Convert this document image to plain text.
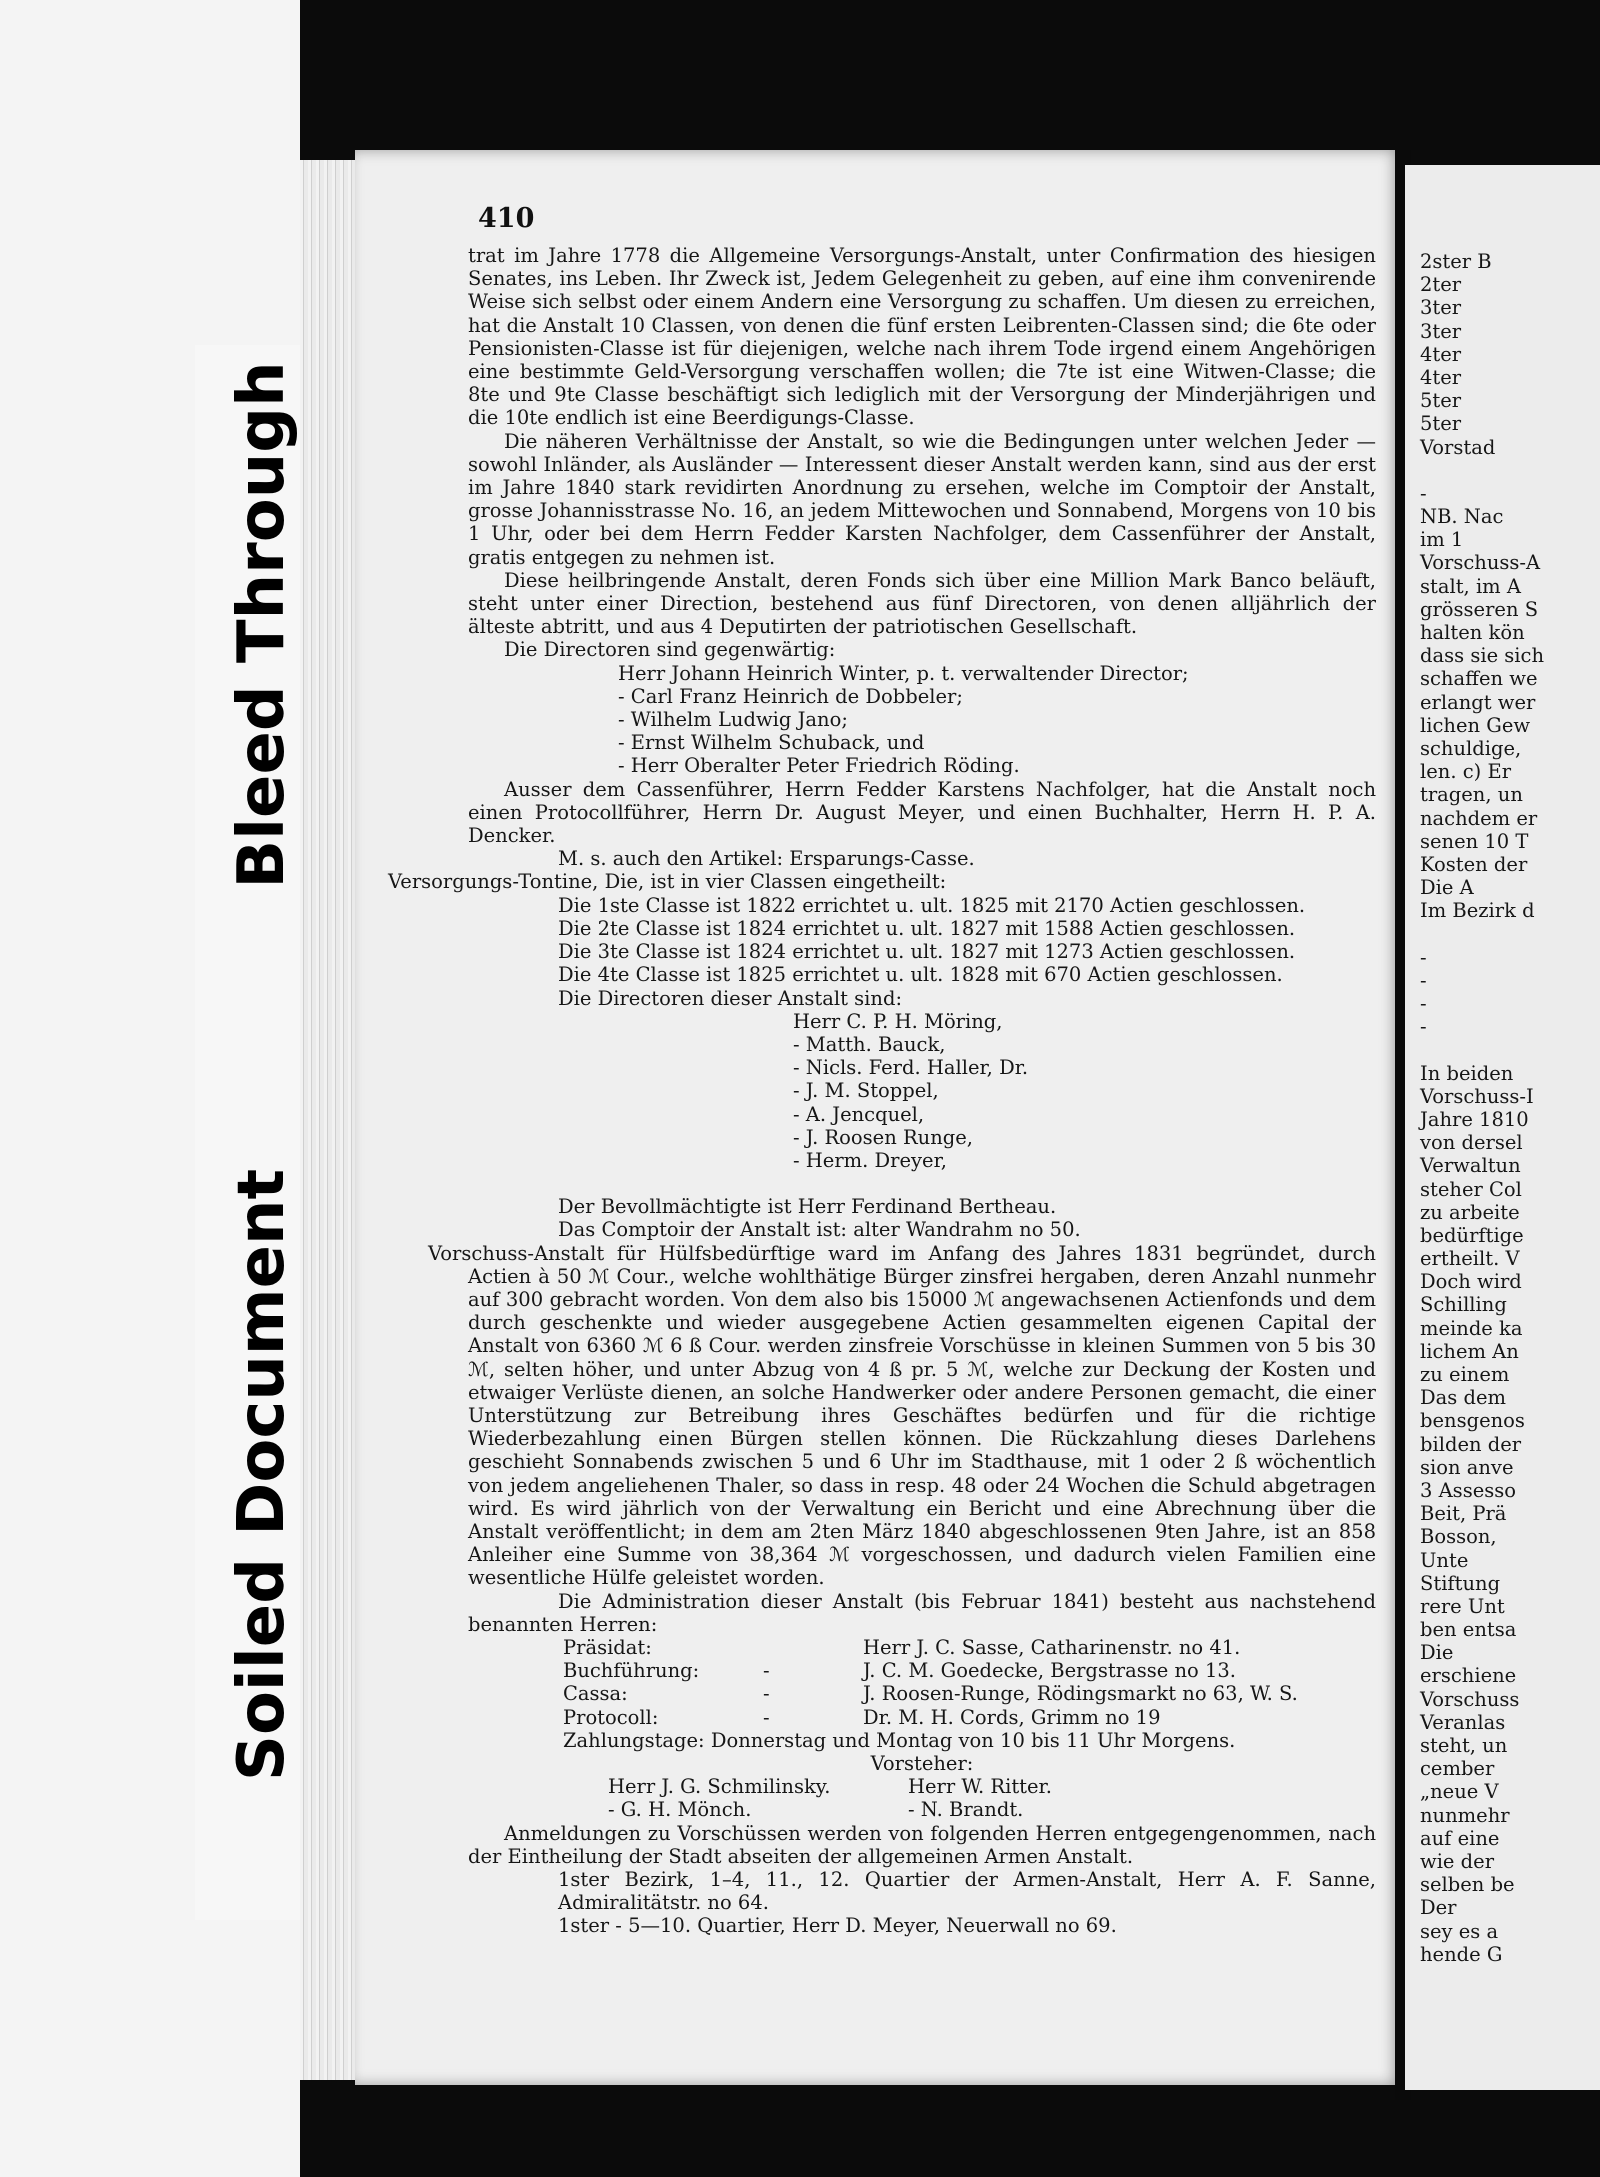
Bleed Through
Soiled Document
410

trat im Jahre 1778 die Allgemeine Versorgungs-Anstalt, unter Confirmation des hiesigen Senates, ins Leben. Ihr Zweck ist, Jedem Gelegenheit zu geben, auf eine ihm convenirende Weise sich selbst oder einem Andern eine Versorgung zu schaffen. Um diesen zu erreichen, hat die Anstalt 10 Classen, von denen die fünf ersten Leibrenten-Classen sind; die 6te oder Pensionisten-Classe ist für diejenigen, welche nach ihrem Tode irgend einem Angehörigen eine bestimmte Geld-Versorgung verschaffen wollen; die 7te ist eine Witwen-Classe; die 8te und 9te Classe beschäftigt sich lediglich mit der Versorgung der Minderjährigen und die 10te endlich ist eine Beerdigungs-Classe.

Die näheren Verhältnisse der Anstalt, so wie die Bedingungen unter welchen Jeder — sowohl Inländer, als Ausländer — Interessent dieser Anstalt werden kann, sind aus der erst im Jahre 1840 stark revidirten Anordnung zu ersehen, welche im Comptoir der Anstalt, grosse Johannisstrasse No. 16, an jedem Mittewochen und Sonnabend, Morgens von 10 bis 1 Uhr, oder bei dem Herrn Fedder Karsten Nachfolger, dem Cassenführer der Anstalt, gratis entgegen zu nehmen ist.

Diese heilbringende Anstalt, deren Fonds sich über eine Million Mark Banco beläuft, steht unter einer Direction, bestehend aus fünf Directoren, von denen alljährlich der älteste abtritt, und aus 4 Deputirten der patriotischen Gesellschaft.

Die Directoren sind gegenwärtig:

Herr Johann Heinrich Winter, p. t. verwaltender Director;
- Carl Franz Heinrich de Dobbeler;
- Wilhelm Ludwig Jano;
- Ernst Wilhelm Schuback, und
- Herr Oberalter Peter Friedrich Röding.

Ausser dem Cassenführer, Herrn Fedder Karstens Nachfolger, hat die Anstalt noch einen Protocollführer, Herrn Dr. August Meyer, und einen Buchhalter, Herrn H. P. A. Dencker.

M. s. auch den Artikel: Ersparungs-Casse.

Versorgungs-Tontine, Die, ist in vier Classen eingetheilt:

Die 1ste Classe ist 1822 errichtet u. ult. 1825 mit 2170 Actien geschlossen.
Die 2te Classe ist 1824 errichtet u. ult. 1827 mit 1588 Actien geschlossen.
Die 3te Classe ist 1824 errichtet u. ult. 1827 mit 1273 Actien geschlossen.
Die 4te Classe ist 1825 errichtet u. ult. 1828 mit 670 Actien geschlossen.
Die Directoren dieser Anstalt sind:
Herr C. P. H. Möring,
- Matth. Bauck,
- Nicls. Ferd. Haller, Dr.
- J. M. Stoppel,
- A. Jencquel,
- J. Roosen Runge,
- Herm. Dreyer,

Der Bevollmächtigte ist Herr Ferdinand Bertheau.

Das Comptoir der Anstalt ist: alter Wandrahm no 50.

Vorschuss-Anstalt für Hülfsbedürftige ward im Anfang des Jahres 1831 begründet, durch Actien à 50 ℳ Cour., welche wohlthätige Bürger zinsfrei hergaben, deren Anzahl nunmehr auf 300 gebracht worden. Von dem also bis 15000 ℳ angewachsenen Actienfonds und dem durch geschenkte und wieder ausgegebene Actien gesammelten eigenen Capital der Anstalt von 6360 ℳ 6 ß Cour. werden zinsfreie Vorschüsse in kleinen Summen von 5 bis 30 ℳ, selten höher, und unter Abzug von 4 ß pr. 5 ℳ, welche zur Deckung der Kosten und etwaiger Verlüste dienen, an solche Handwerker oder andere Personen gemacht, die einer Unterstützung zur Betreibung ihres Geschäftes bedürfen und für die richtige Wiederbezahlung einen Bürgen stellen können. Die Rückzahlung dieses Darlehens geschieht Sonnabends zwischen 5 und 6 Uhr im Stadthause, mit 1 oder 2 ß wöchentlich von jedem angeliehenen Thaler, so dass in resp. 48 oder 24 Wochen die Schuld abgetragen wird. Es wird jährlich von der Verwaltung ein Bericht und eine Abrechnung über die Anstalt veröffentlicht; in dem am 2ten März 1840 abgeschlossenen 9ten Jahre, ist an 858 Anleiher eine Summe von 38,364 ℳ vorgeschossen, und dadurch vielen Familien eine wesentliche Hülfe geleistet worden.

Die Administration dieser Anstalt (bis Februar 1841) besteht aus nachstehend benannten Herren:

Präsidat:	Herr J. C. Sasse, Catharinenstr. no 41.
Buchführung:	-	J. C. M. Goedecke, Bergstrasse no 13.
Cassa:	-	J. Roosen-Runge, Rödingsmarkt no 63, W. S.
Protocoll:	-	Dr. M. H. Cords, Grimm no 19

Zahlungstage: Donnerstag und Montag von 10 bis 11 Uhr Morgens.

Vorsteher:

Herr J. G. Schmilinsky.	Herr W. Ritter.
- G. H. Mönch.	- N. Brandt.

Anmeldungen zu Vorschüssen werden von folgenden Herren entgegengenommen, nach der Eintheilung der Stadt abseiten der allgemeinen Armen Anstalt.

1ster Bezirk, 1–4, 11., 12. Quartier der Armen-Anstalt, Herr A. F. Sanne, Admiralitätstr. no 64.

1ster - 5—10. Quartier, Herr D. Meyer, Neuerwall no 69.

2ster B
2ter
3ter
3ter
4ter
4ter
5ter
5ter
Vorstad
-
NB. Nac
im 1
Vorschuss-A
stalt, im A
grösseren S
halten kön
dass sie sich
schaffen we
erlangt wer
lichen Gew
schuldige,
len. c) Er
tragen, un
nachdem er
senen 10 T
Kosten der
Die A
Im Bezirk d
-
-
-
-
In beiden
Vorschuss-I
Jahre 1810
von dersel
Verwaltun
steher Col
zu arbeite
bedürftige
ertheilt. V
Doch wird
Schilling
meinde ka
lichem An
zu einem
Das dem
bensgenos
bilden der
sion anve
3 Assesso
Beit, Prä
Bosson,
Unte
Stiftung
rere Unt
ben entsa
Die
erschiene
Vorschuss
Veranlas
steht, un
cember
„neue V
nunmehr
auf eine
wie der
selben be
Der
sey es a
hende G
